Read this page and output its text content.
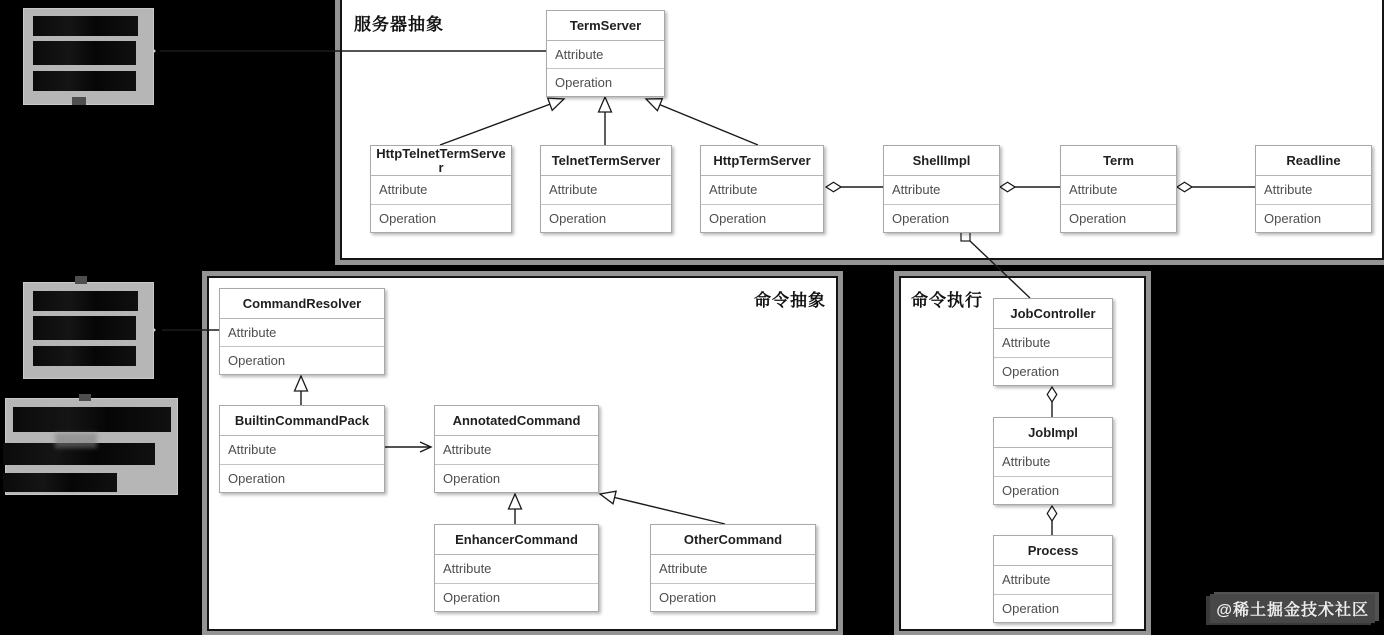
服务器抽象
命令抽象	命令执行
TermServer
Attribute
Operation
HttpTelnetTermServer
Attribute
Operation
TelnetTermServer
Attribute
Operation
HttpTermServer
Attribute
Operation
ShellImpl
Attribute
Operation
Term
Attribute
Operation
Readline
Attribute
Operation
CommandResolver
Attribute
Operation
BuiltinCommandPack
Attribute
Operation
AnnotatedCommand
Attribute
Operation
EnhancerCommand
Attribute
Operation
OtherCommand
Attribute
Operation
JobController
Attribute
Operation
JobImpl
Attribute
Operation
Process
Attribute
Operation	@稀土掘金技术社区
